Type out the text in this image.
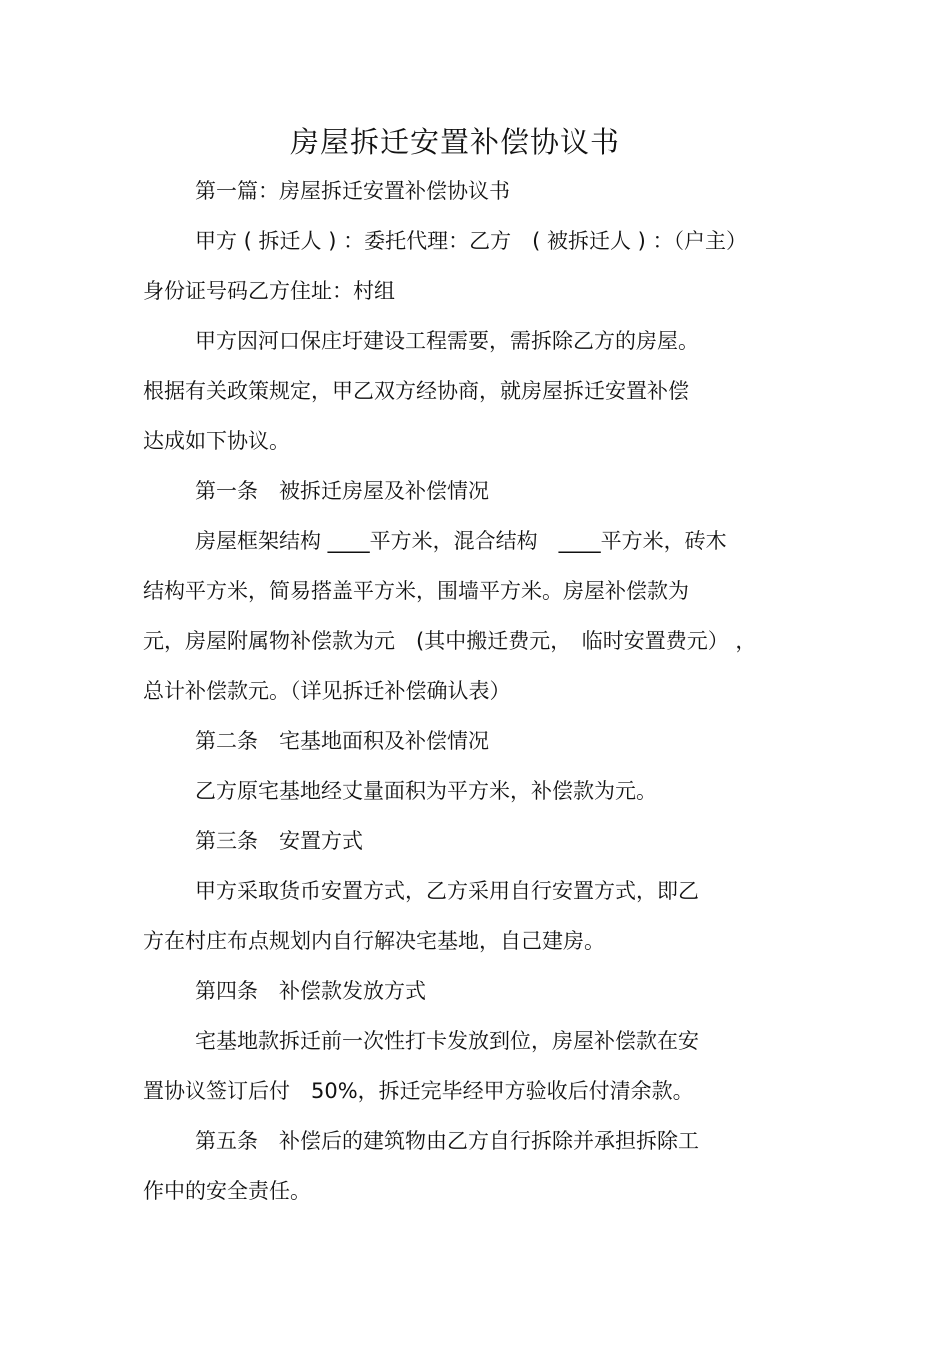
房屋拆迁安置补偿协议书
第一篇：房屋拆迁安置补偿协议书
甲方 ( 拆迁人 ) ：委托代理：乙方　( 被拆迁人 ) ：（户主）
身份证号码乙方住址：村组
甲方因河口保庄圩建设工程需要，需拆除乙方的房屋。
根据有关政策规定，甲乙双方经协商，就房屋拆迁安置补偿
达成如下协议。
第一条　被拆迁房屋及补偿情况
房屋框架结构 ____平方米，混合结构　____平方米，砖木
结构平方米，简易搭盖平方米，围墙平方米。房屋补偿款为
元，房屋附属物补偿款为元　(其中搬迁费元，　临时安置费元） ，
总计补偿款元。（详见拆迁补偿确认表）
第二条　宅基地面积及补偿情况
乙方原宅基地经丈量面积为平方米，补偿款为元。
第三条　安置方式
甲方采取货币安置方式，乙方采用自行安置方式，即乙
方在村庄布点规划内自行解决宅基地，自己建房。
第四条　补偿款发放方式
宅基地款拆迁前一次性打卡发放到位，房屋补偿款在安
置协议签订后付　50%，拆迁完毕经甲方验收后付清余款。
第五条　补偿后的建筑物由乙方自行拆除并承担拆除工
作中的安全责任。
